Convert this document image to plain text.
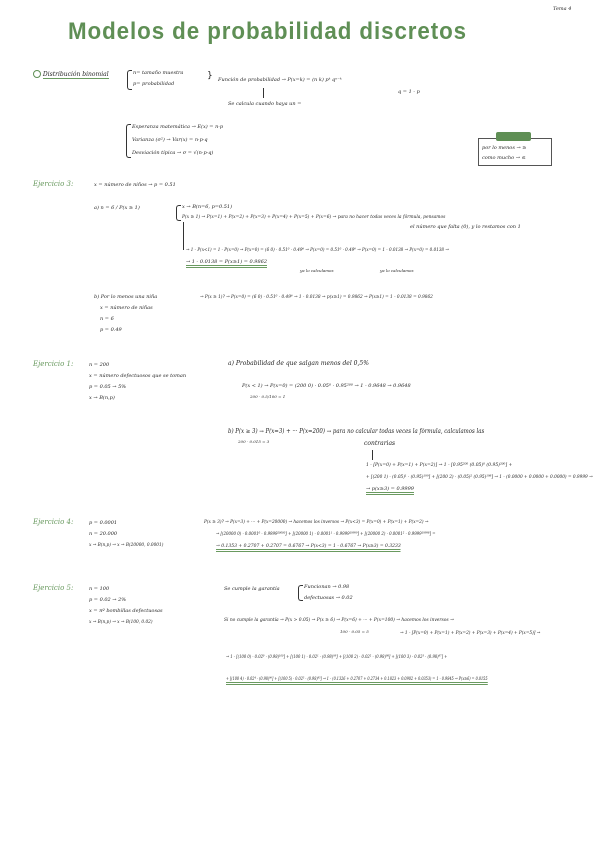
Modelos de probabilidad discretos
Tema 4
Distribución binomial	n= tamaño muestra
p= probabilidad
} Función de probabilidad → P(x=k) = (n k) pᵏ qⁿ⁻ᵏ
q = 1 - p
Se calcula cuando haya un =
Esperanza matemática → E(x) = n·p
Varianza (σ²) → Var(x) = n·p·q
Desviación típica → σ = √(n·p·q)
por lo menos → ≥
como mucho → ≤
Ejercicio 3:	x = número de niños → p = 0.51
a) n = 6 / P(x ≥ 1)	x → B(n=6, p=0.51)
P(x ≥ 1) → P(x=1) + P(x=2) + P(x=3) + P(x=4) + P(x=5) + P(x=6) → para no hacer todas veces la fórmula, pensamos
el número que falta (0), y lo restamos con 1
→ 1 - P(x<1) = 1 - P(x=0) → P(x=0) = (6 0) · 0.51⁰ · 0.49⁶ → P(x=0) = 0.51⁰ · 0.49⁶ → P(x=0) = 1 - 0.0138 → P(x=0) = 0.0138 →
→ 1 - 0.0138 = P(x≥1) = 0.9862
ya lo calculamos	ya lo calculamos
b) Por lo menos una niña	→ P(x ≥ 1)? → P(x=0) = (6 0) · 0.51⁰ · 0.49⁶ → 1 - 0.0138 → p(x≥1) = 0.9862 → P(x≥1) = 1 - 0.0138 = 0.9862
x = número de niñas
n = 6
p = 0.49
Ejercicio 1:	n = 200
x = número defectuosos que se toman
p = 0.05 → 5%
x → B(n,p)
a) Probabilidad de que salgan menos del 0,5%
P(x < 1) → P(x=0) = (200 0) · 0.05⁰ · 0.95²⁰⁰ → 1 - 0.9648 → 0.9648
200 · 0.5/100 = 1
b) P(x ≥ 3) → P(x=3) + ··· P(x=200) → para no calcular todas veces la fórmula, calculamos las
contrarias
200 · 0.015 = 3
1 - [P(x=0) + P(x=1) + P(x=2)] → 1 - [0.95²⁰⁰ (0.05)⁰ (0.95)²⁰⁰] +
+ [(200 1) · (0.05)¹ · (0.95)¹⁹⁹] + [(200 2) · (0.05)² (0.95)¹⁹⁸] → 1 - (0.0000 + 0.0000 + 0.0000) = 0.9999 →
→ p(x≥3) = 0.9999
Ejercicio 4:	p = 0.0001
n = 20.000
x → B(n,p) → x → B(20000, 0.0001)
P(x ≥ 3)? → P(x=3) + ··· + P(x=20000) → hacemos los inversos → P(x<3) = P(x=0) + P(x=1) + P(x=2) →
→ [(20000 0) · 0.0001⁰ · 0.9999²⁰⁰⁰⁰] + [(20000 1) · 0.0001¹ · 0.9999¹⁹⁹⁹⁹] + [(20000 2) · 0.0001² · 0.9999¹⁹⁹⁹⁸] =
→ 0.1353 + 0.2707 + 0.2707 = 0.6767 → P(x<3) = 1 - 0.6767 → P(x≥3) = 0.3233
Ejercicio 5:	n = 100
p = 0.02 → 2%
x = nº bombillas defectuosas
x → B(n,p) → x → B(100, 0.02)
Se cumple la garantía	Funcionan → 0.98
defectuosas → 0.02
Si no cumple la garantía → P(x > 0.05) → P(x ≥ 6) → P(x=6) + ··· + P(x=100) → hacemos los inversos →
100 · 0.05 = 5	→ 1 - [P(x=0) + P(x=1) + P(x=2) + P(x=3) + P(x=4) + P(x=5)] →
→ 1 - [(100 0) · 0.02⁰ · (0.98)¹⁰⁰] + [(100 1) · 0.02¹ · (0.98)⁹⁹] + [(100 2) · 0.02² · (0.98)⁹⁸] + [(100 3) · 0.02³ · (0.98)⁹⁷] +
+ [(100 4) · 0.02⁴ · (0.98)⁹⁶] + [(100 5) · 0.02⁵ · (0.98)⁹⁵] → 1 - (0.1326 + 0.2707 + 0.2734 + 0.1823 + 0.0902 + 0.0353) = 1 - 0.9845 → P(x≥6) = 0.0155
